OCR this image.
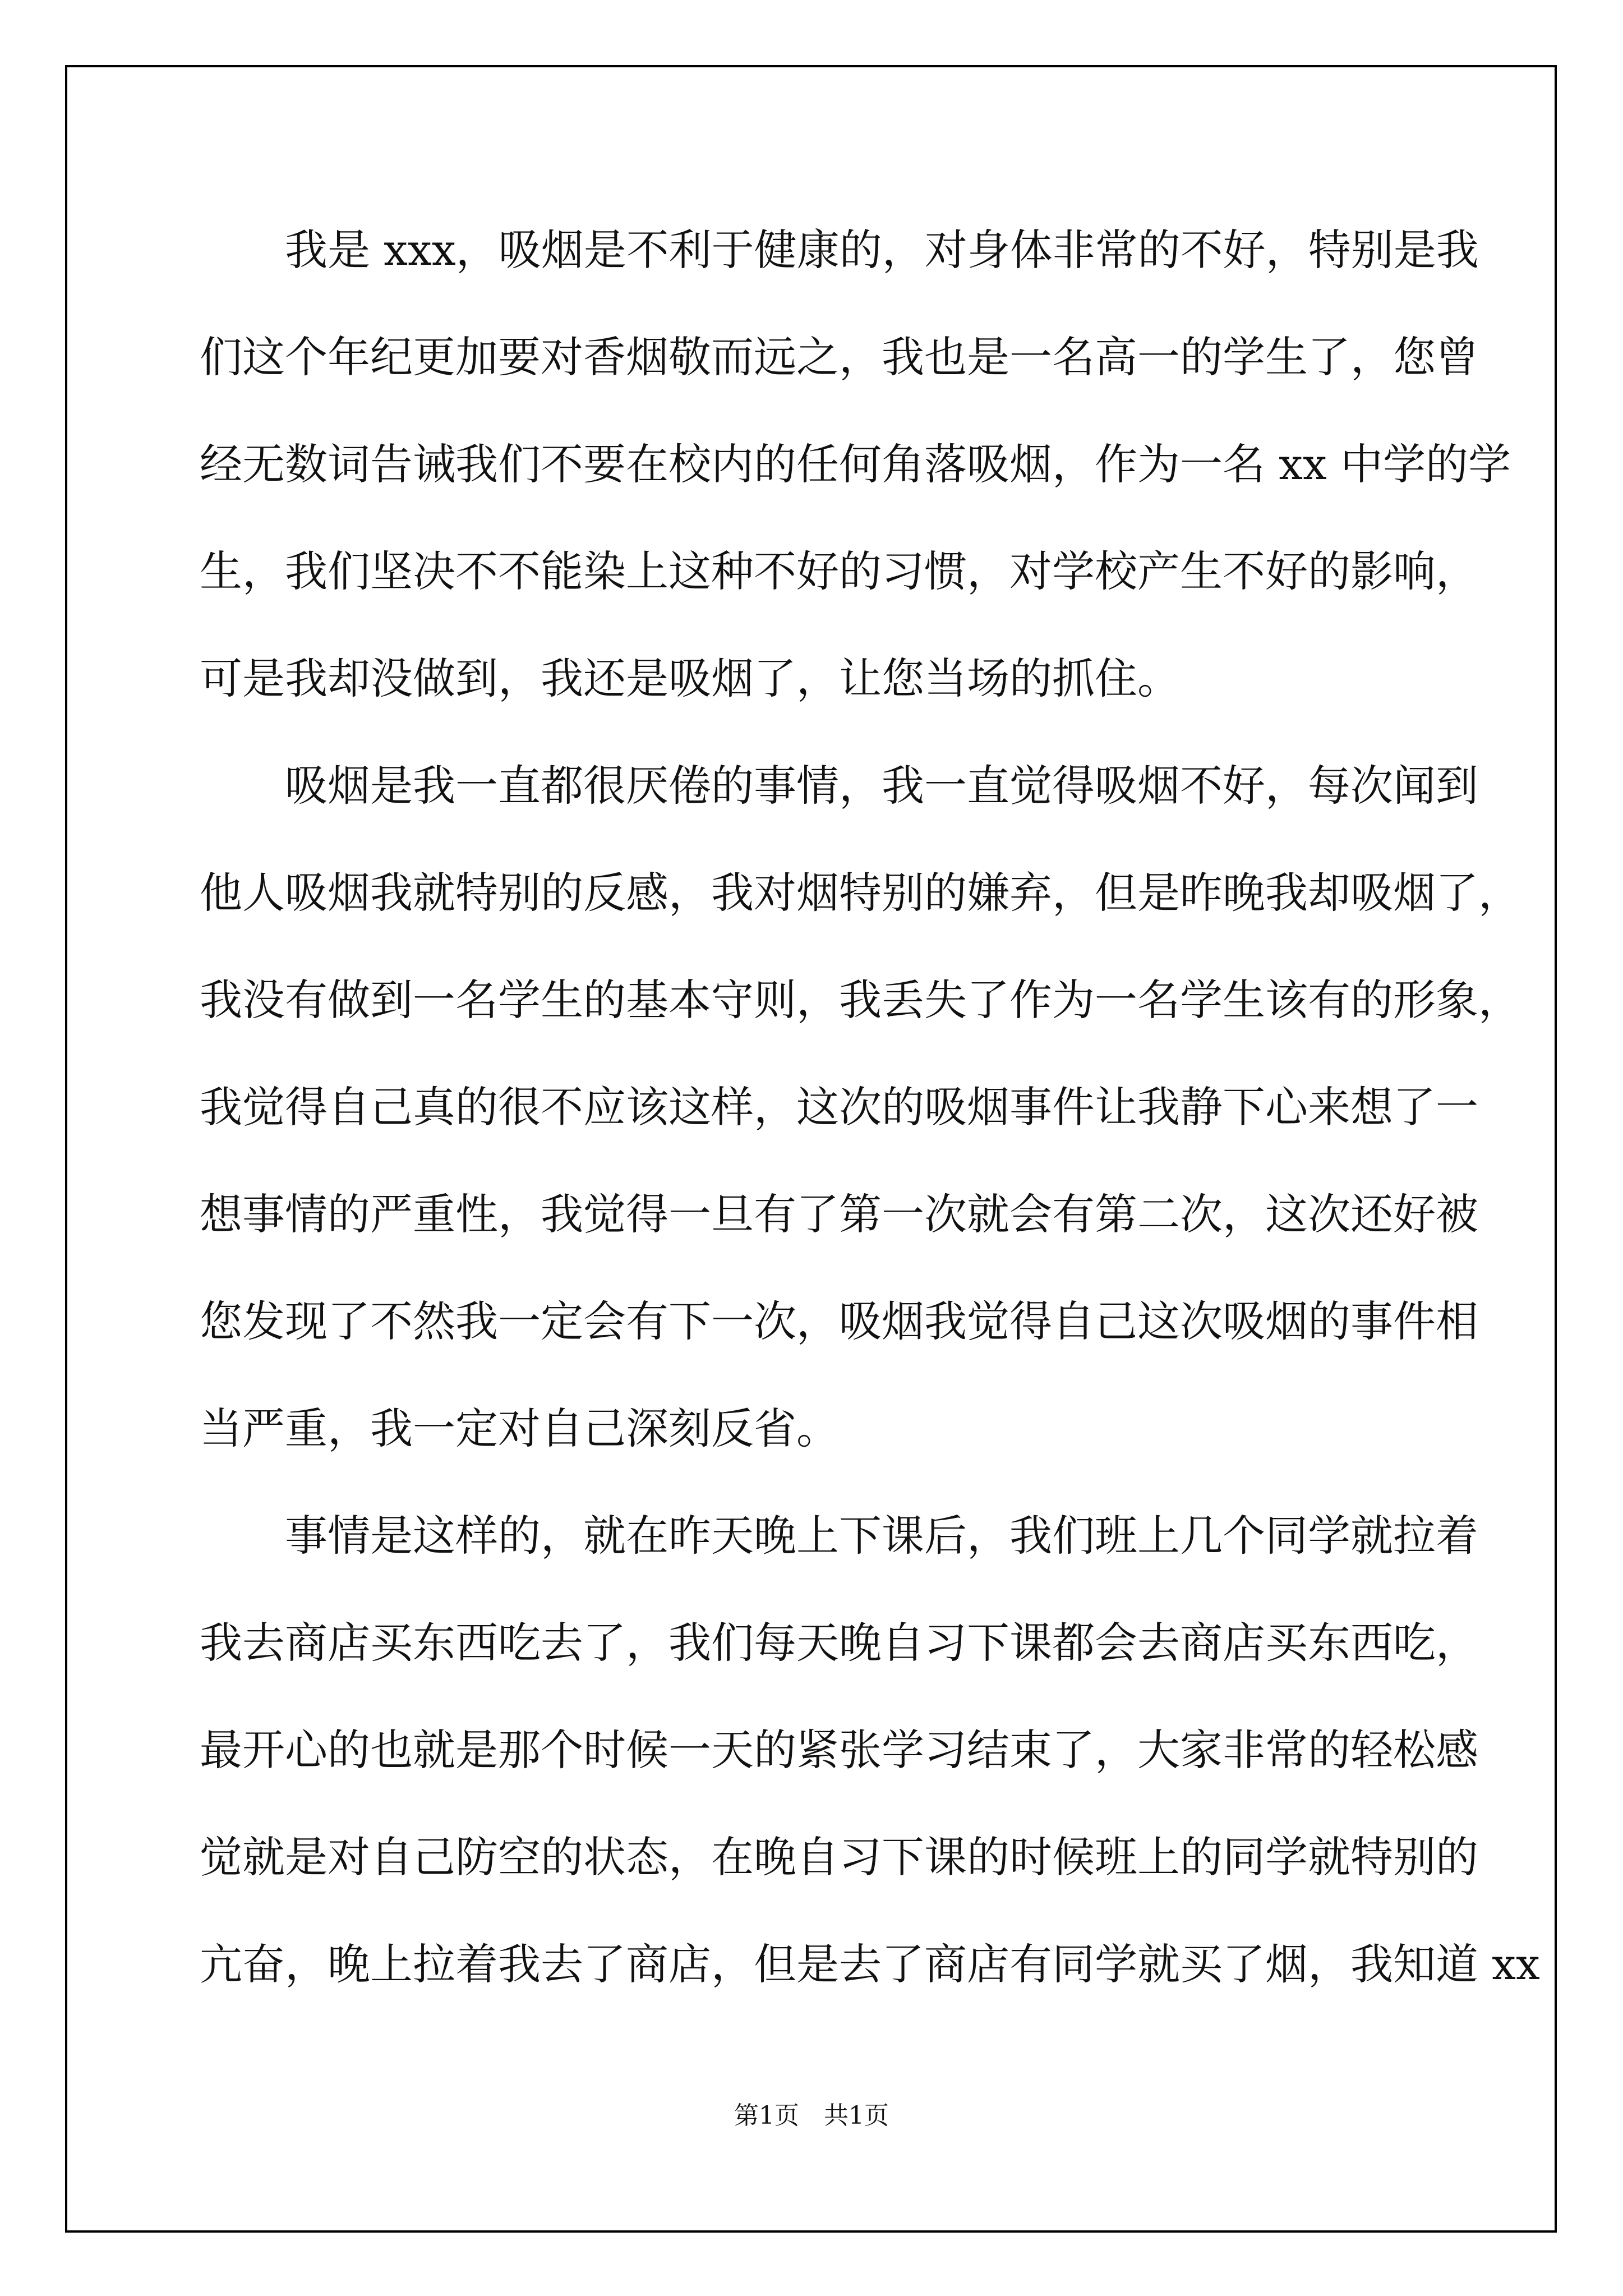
　　我是 xxx，吸烟是不利于健康的，对身体非常的不好，特别是我
们这个年纪更加要对香烟敬而远之，我也是一名高一的学生了，您曾
经无数词告诫我们不要在校内的任何角落吸烟，作为一名 xx 中学的学
生，我们坚决不不能染上这种不好的习惯，对学校产生不好的影响，
可是我却没做到，我还是吸烟了，让您当场的抓住。
　　吸烟是我一直都很厌倦的事情，我一直觉得吸烟不好，每次闻到
他人吸烟我就特别的反感，我对烟特别的嫌弃，但是昨晚我却吸烟了，
我没有做到一名学生的基本守则，我丢失了作为一名学生该有的形象，
我觉得自己真的很不应该这样，这次的吸烟事件让我静下心来想了一
想事情的严重性，我觉得一旦有了第一次就会有第二次，这次还好被
您发现了不然我一定会有下一次，吸烟我觉得自己这次吸烟的事件相
当严重，我一定对自己深刻反省。
　　事情是这样的，就在昨天晚上下课后，我们班上几个同学就拉着
我去商店买东西吃去了，我们每天晚自习下课都会去商店买东西吃，
最开心的也就是那个时候一天的紧张学习结束了，大家非常的轻松感
觉就是对自己防空的状态，在晚自习下课的时候班上的同学就特别的
亢奋，晚上拉着我去了商店，但是去了商店有同学就买了烟，我知道 xx
第1页　共1页
